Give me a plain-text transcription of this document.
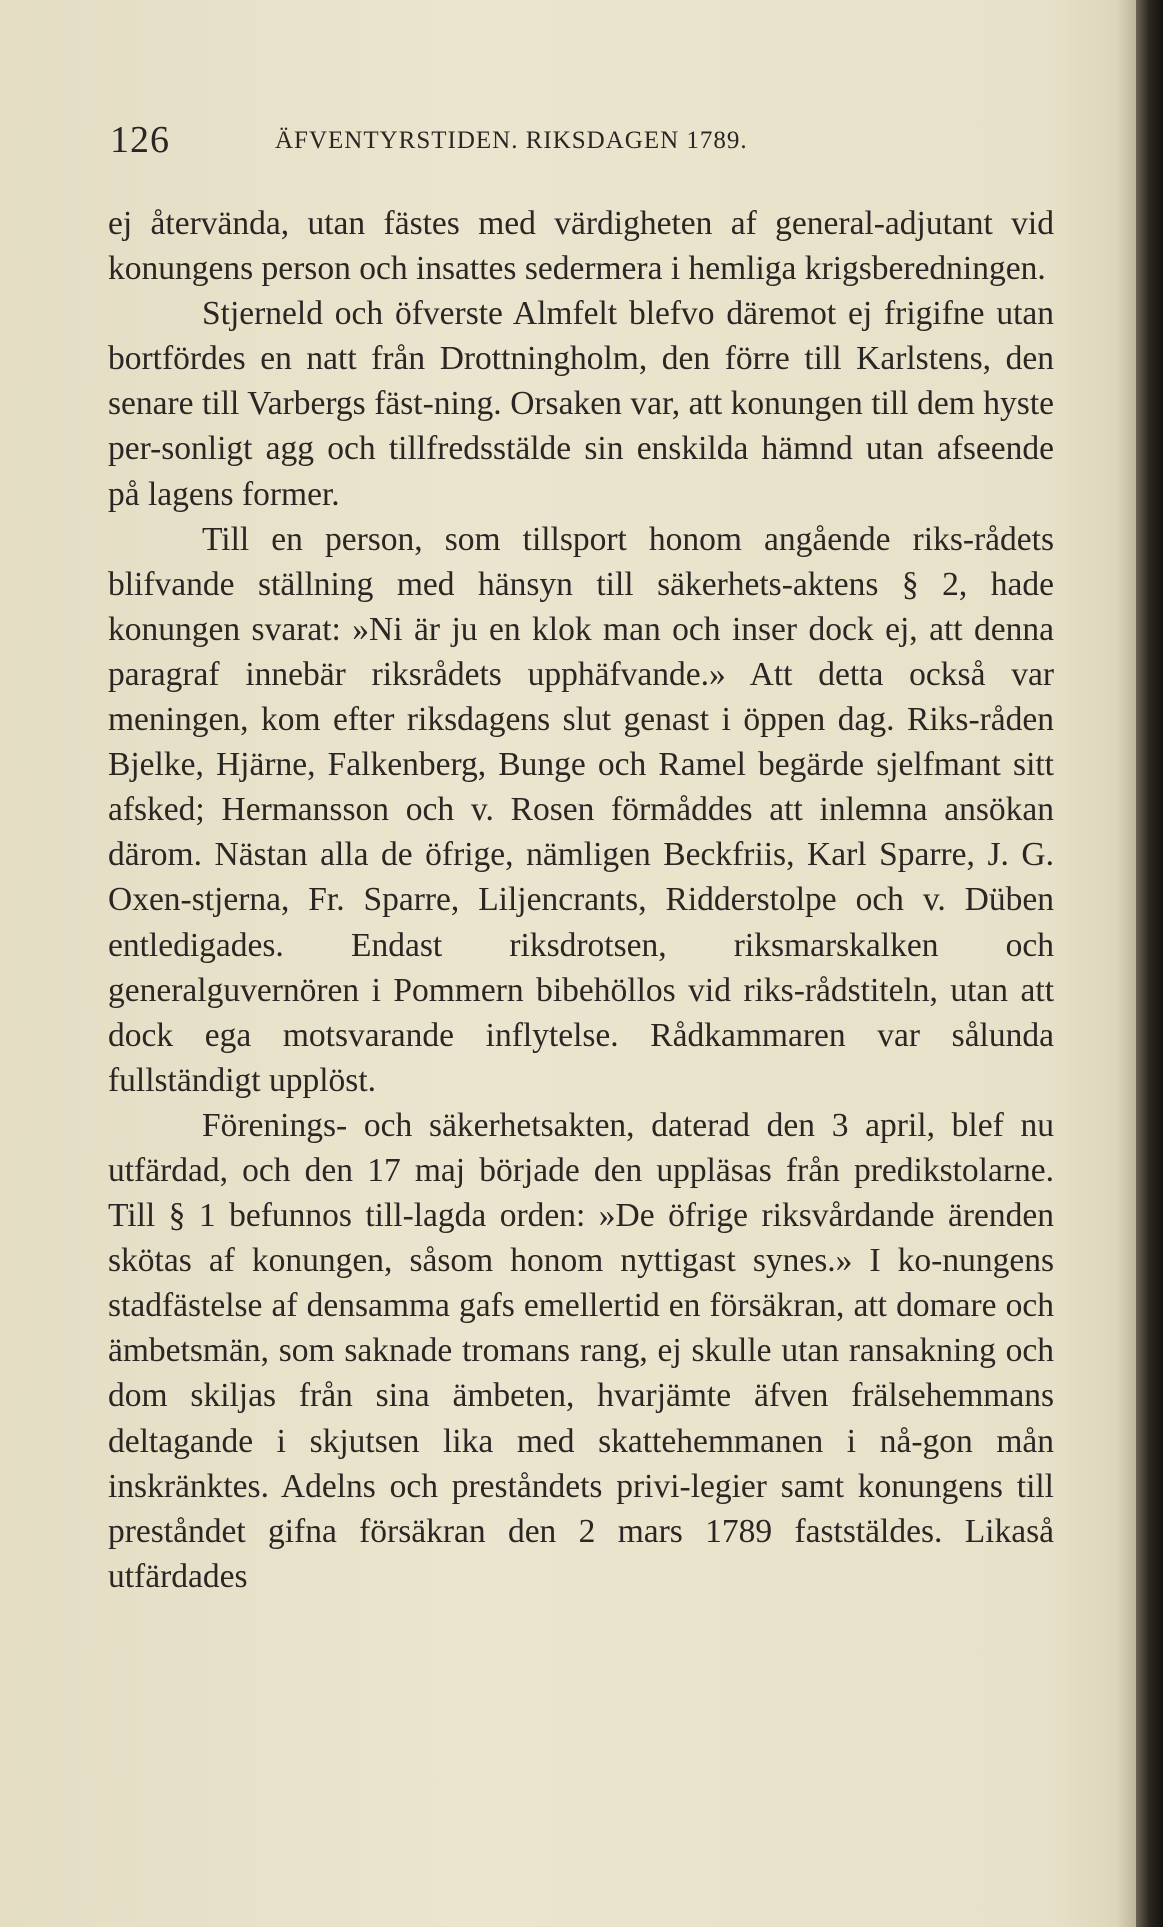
126	ÄFVENTYRSTIDEN. RIKSDAGEN 1789.

ej återvända, utan fästes med värdigheten af general-adjutant vid konungens person och insattes sedermera i hemliga krigsberedningen.

Stjerneld och öfverste Almfelt blefvo däremot ej frigifne utan bortfördes en natt från Drottningholm, den förre till Karlstens, den senare till Varbergs fäst-ning. Orsaken var, att konungen till dem hyste per-sonligt agg och tillfredsstälde sin enskilda hämnd utan afseende på lagens former.

Till en person, som tillsport honom angående riks-rådets blifvande ställning med hänsyn till säkerhets-aktens § 2, hade konungen svarat: »Ni är ju en klok man och inser dock ej, att denna paragraf innebär riksrådets upphäfvande.» Att detta också var meningen, kom efter riksdagens slut genast i öppen dag. Riks-råden Bjelke, Hjärne, Falkenberg, Bunge och Ramel begärde sjelfmant sitt afsked; Hermansson och v. Rosen förmåddes att inlemna ansökan därom. Nästan alla de öfrige, nämligen Beckfriis, Karl Sparre, J. G. Oxen-stjerna, Fr. Sparre, Liljencrants, Ridderstolpe och v. Düben entledigades. Endast riksdrotsen, riksmarskalken och generalguvernören i Pommern bibehöllos vid riks-rådstiteln, utan att dock ega motsvarande inflytelse. Rådkammaren var sålunda fullständigt upplöst.

Förenings- och säkerhetsakten, daterad den 3 april, blef nu utfärdad, och den 17 maj började den uppläsas från predikstolarne. Till § 1 befunnos till-lagda orden: »De öfrige riksvårdande ärenden skötas af konungen, såsom honom nyttigast synes.» I ko-nungens stadfästelse af densamma gafs emellertid en försäkran, att domare och ämbetsmän, som saknade tromans rang, ej skulle utan ransakning och dom skiljas från sina ämbeten, hvarjämte äfven frälsehemmans deltagande i skjutsen lika med skattehemmanen i nå-gon mån inskränktes. Adelns och preståndets privi-legier samt konungens till preståndet gifna försäkran den 2 mars 1789 faststäldes. Likaså utfärdades
